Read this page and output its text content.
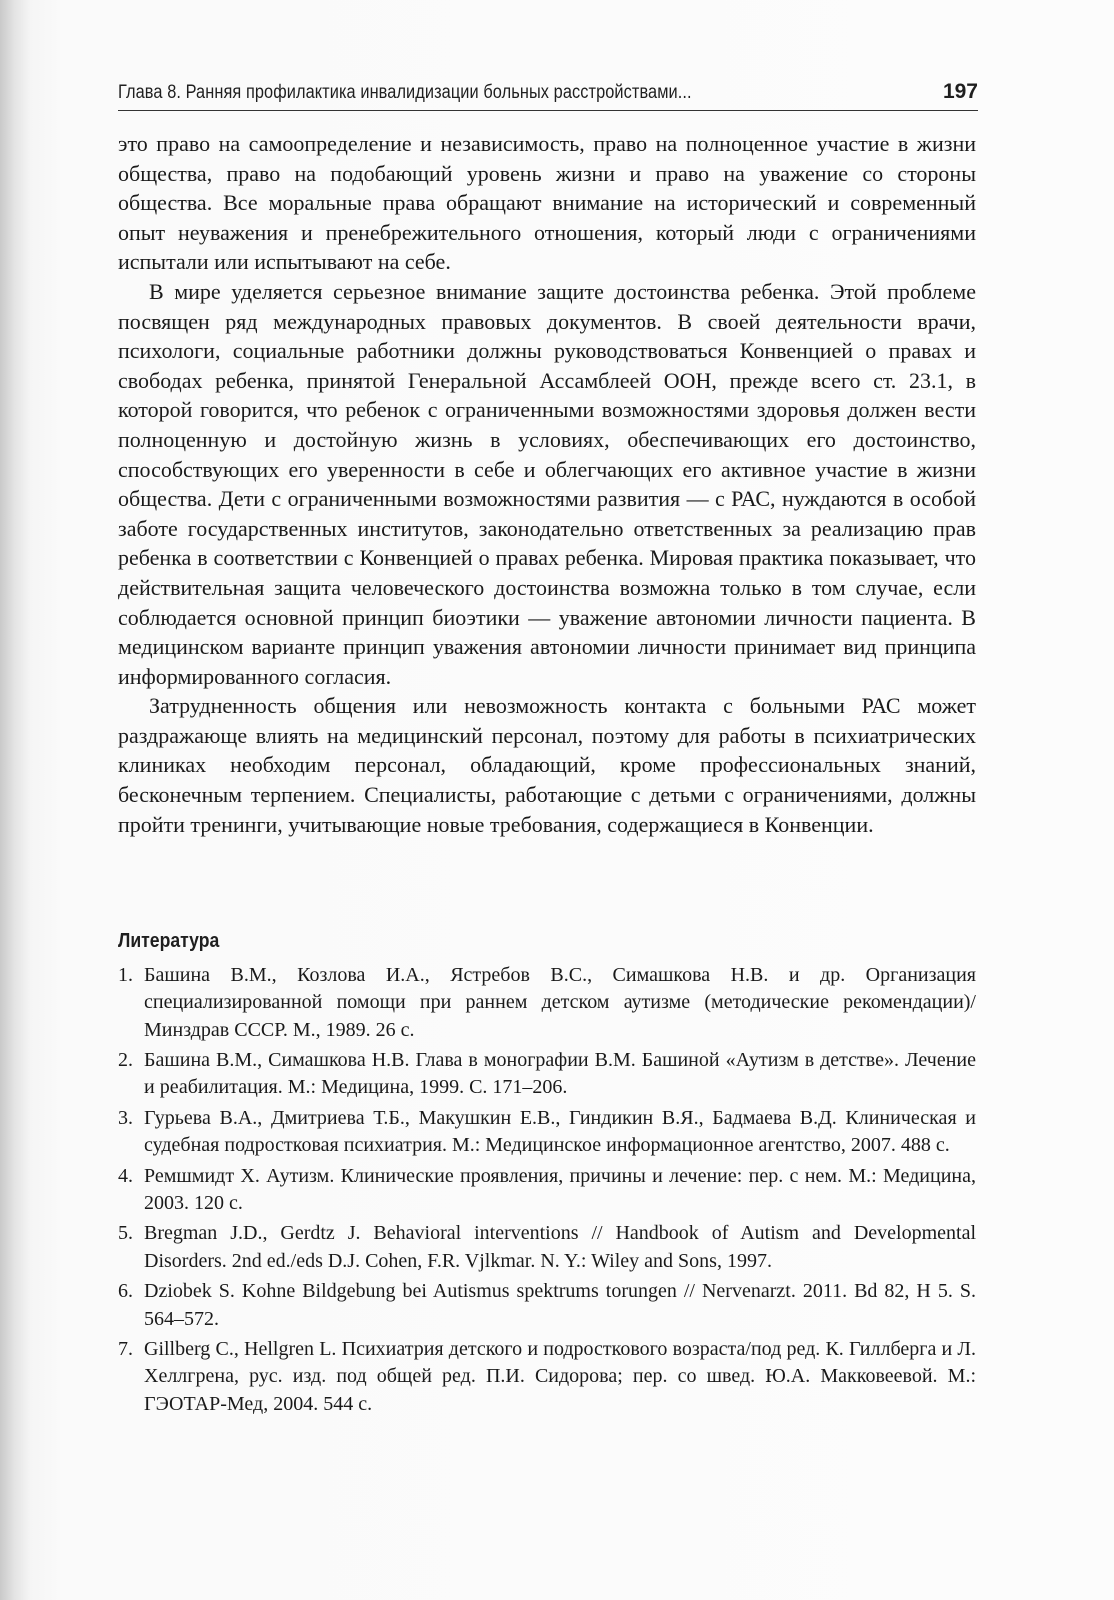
Глава 8. Ранняя профилактика инвалидизации больных расстройствами...	197

это право на самоопределение и независимость, право на полноценное участие в жизни общества, право на подобающий уровень жизни и право на уважение со стороны общества. Все моральные права обращают внимание на исторический и современный опыт неуважения и пренебрежительного отношения, который люди с ограничениями испытали или испытывают на себе.

В мире уделяется серьезное внимание защите достоинства ребенка. Этой проблеме посвящен ряд международных правовых документов. В своей деятельности врачи, психологи, социальные работники должны руководствоваться Конвенцией о правах и свободах ребенка, принятой Генеральной Ассамблеей ООН, прежде всего ст. 23.1, в которой говорится, что ребенок с ограниченными возможностями здоровья должен вести полноценную и достойную жизнь в условиях, обеспечивающих его достоинство, способствующих его уверенности в себе и облегчающих его активное участие в жизни общества. Дети с ограниченными возможностями развития — с РАС, нуждаются в особой заботе государственных институтов, законодательно ответственных за реализацию прав ребенка в соответствии с Конвенцией о правах ребенка. Мировая практика показывает, что действительная защита человеческого достоинства возможна только в том случае, если соблюдается основной принцип биоэтики — уважение автономии личности пациента. В медицинском варианте принцип уважения автономии личности принимает вид принципа информированного согласия.

Затрудненность общения или невозможность контакта с больными РАС может раздражающе влиять на медицинский персонал, поэтому для работы в психиатрических клиниках необходим персонал, обладающий, кроме профессиональных знаний, бесконечным терпением. Специалисты, работающие с детьми с ограничениями, должны пройти тренинги, учитывающие новые требования, содержащиеся в Конвенции.

Литература
1. Башина В.М., Козлова И.А., Ястребов В.С., Симашкова Н.В. и др. Организация специализированной помощи при раннем детском аутизме (методические рекомендации)/Минздрав СССР. М., 1989. 26 с.
2. Башина В.М., Симашкова Н.В. Глава в монографии В.М. Башиной «Аутизм в детстве». Лечение и реабилитация. М.: Медицина, 1999. С. 171–206.
3. Гурьева В.А., Дмитриева Т.Б., Макушкин Е.В., Гиндикин В.Я., Бадмаева В.Д. Клиническая и судебная подростковая психиатрия. М.: Медицинское информационное агентство, 2007. 488 с.
4. Ремшмидт Х. Аутизм. Клинические проявления, причины и лечение: пер. с нем. М.: Медицина, 2003. 120 с.
5. Bregman J.D., Gerdtz J. Behavioral interventions // Handbook of Autism and Developmental Disorders. 2nd ed./eds D.J. Cohen, F.R. Vjlkmar. N. Y.: Wiley and Sons, 1997.
6. Dziobek S. Kohne Bildgebung bei Autismus spektrums torungen // Nervenarzt. 2011. Bd 82, H 5. S. 564–572.
7. Gillberg C., Hellgren L. Психиатрия детского и подросткового возраста/под ред. К. Гиллберга и Л. Хеллгрена, рус. изд. под общей ред. П.И. Сидорова; пер. со швед. Ю.А. Макковеевой. М.: ГЭОТАР-Мед, 2004. 544 с.
